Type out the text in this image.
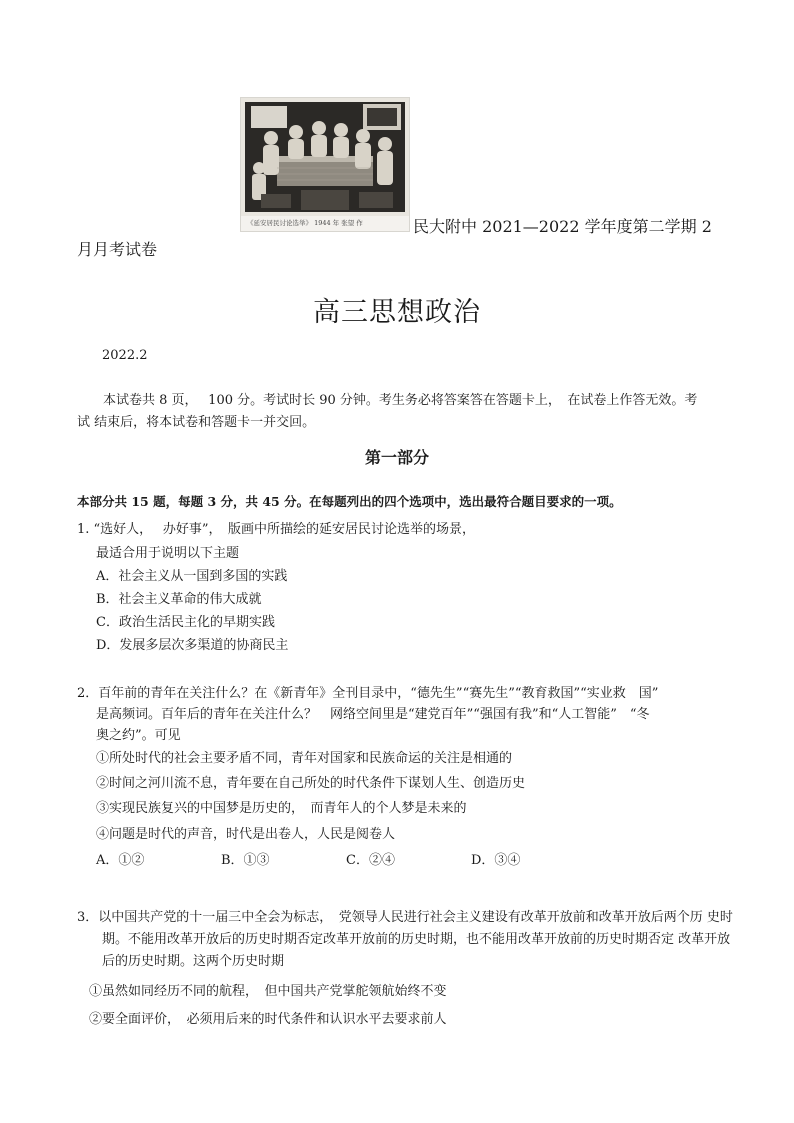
《延安居民讨论选举》 1944 年 张望 作	民大附中 2021—2022 学年度第二学期 2
月月考试卷
高三思想政治
2022.2
本试卷共 8 页，　 100 分。考试时长 90 分钟。考生务必将答案答在答题卡上，　在试卷上作答无效。考
试 结束后，将本试卷和答题卡一并交回。
第一部分
本部分共 15 题，每题 3 分，共 45 分。在每题列出的四个选项中，选出最符合题目要求的一项。
1. “选好人，　 办好事”，　版画中所描绘的延安居民讨论选举的场景，
最适合用于说明以下主题
A．社会主义从一国到多国的实践
B．社会主义革命的伟大成就
C．政治生活民主化的早期实践
D．发展多层次多渠道的协商民主
2．百年前的青年在关注什么？在《新青年》全刊目录中，“德先生”“赛先生”“教育救国”“实业救　国”
是高频词。百年后的青年在关注什么？　网络空间里是“建党百年”“强国有我”和“人工智能”　“冬
奥之约”。可见
①所处时代的社会主要矛盾不同，青年对国家和民族命运的关注是相通的
②时间之河川流不息，青年要在自己所处的时代条件下谋划人生、创造历史
③实现民族复兴的中国梦是历史的，　而青年人的个人梦是未来的
④问题是时代的声音，时代是出卷人，人民是阅卷人
A．①②	B．①③	C．②④	D．③④
3．以中国共产党的十一届三中全会为标志，　党领导人民进行社会主义建设有改革开放前和改革开放后两个历 史时
期。不能用改革开放后的历史时期否定改革开放前的历史时期，也不能用改革开放前的历史时期否定 改革开放
后的历史时期。这两个历史时期
①虽然如同经历不同的航程，　但中国共产党掌舵领航始终不变
②要全面评价，　必须用后来的时代条件和认识水平去要求前人
